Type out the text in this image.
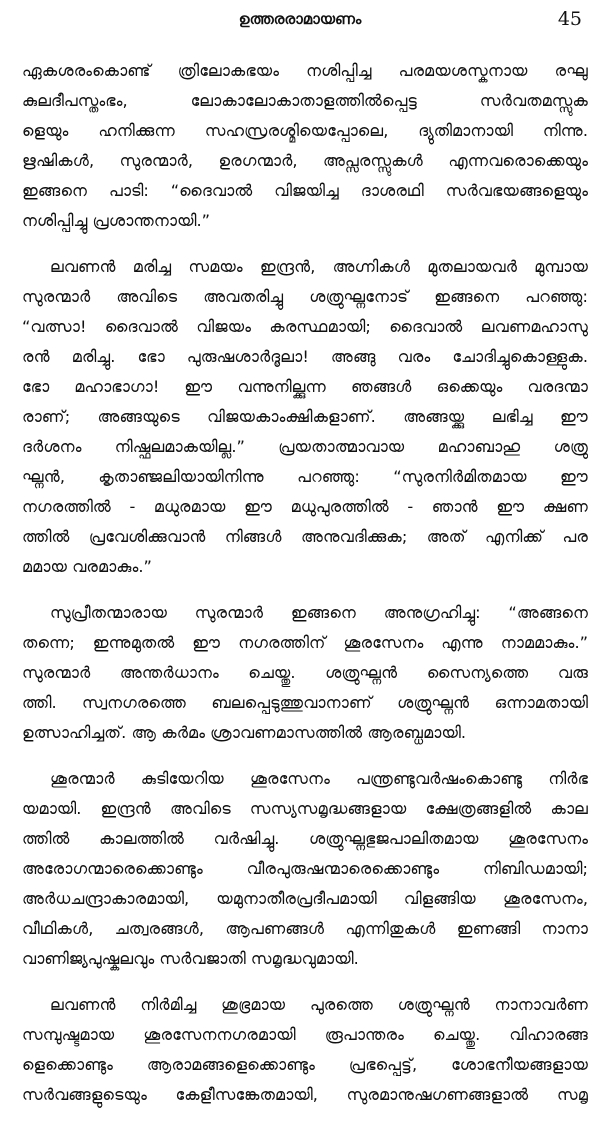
ഉത്തരരാമായണം	45
ഏകശരംകൊണ്ട് ത്രിലോകഭയം നശിപ്പിച്ച പരമയശസ്കനായ രഘു
കുലദീപസ്തംഭം, ലോകാലോകാതാളത്തിൽപ്പെട്ട സർവതമസ്സുക
ളെയും ഹനിക്കുന്ന സഹസ്രരശ്മിയെപ്പോലെ, ദ്യുതിമാനായി നിന്നു.
ഋഷികൾ, സുരന്മാർ, ഉരഗന്മാർ, അപ്സരസ്സുകൾ എന്നവരൊക്കെയും
ഇങ്ങനെ പാടി: “ദൈവാൽ വിജയിച്ച ദാശരഥി സർവഭയങ്ങളെയും
നശിപ്പിച്ചു പ്രശാന്തനായി.”
ലവണൻ മരിച്ച സമയം ഇന്ദ്രൻ, അഗ്നികൾ മുതലായവർ മുമ്പായ
സുരന്മാർ അവിടെ അവതരിച്ചു ശത്രുഘ്നനോട് ഇങ്ങനെ പറഞ്ഞു:
“വത്സാ! ദൈവാൽ വിജയം കരസ്ഥമായി; ദൈവാൽ ലവണമഹാസു
രൻ മരിച്ചു. ഭോ പുരുഷശാർദൂലാ! അങ്ങു വരം ചോദിച്ചുകൊള്ളുക.
ഭോ മഹാഭാഗാ! ഈ വന്നുനില്ക്കുന്ന ഞങ്ങൾ ഒക്കെയും വരദന്മാ
രാണ്; അങ്ങയുടെ വിജയകാംക്ഷികളാണ്. അങ്ങയ്ക്കു ലഭിച്ച ഈ
ദർശനം നിഷ്ഫലമാകയില്ല.” പ്രയതാത്മാവായ മഹാബാഹു ശത്രു
ഘ്നൻ, കൃതാഞ്ജലിയായിനിന്നു പറഞ്ഞു: “സുരനിർമിതമായ ഈ
നഗരത്തിൽ - മധുരമായ ഈ മധുപുരത്തിൽ - ഞാൻ ഈ ക്ഷണ
ത്തിൽ പ്രവേശിക്കുവാൻ നിങ്ങൾ അനുവദിക്കുക; അത് എനിക്ക് പര
മമായ വരമാകും.”
സുപ്രീതന്മാരായ സുരന്മാർ ഇങ്ങനെ അനുഗ്രഹിച്ചു: “അങ്ങനെ
തന്നെ; ഇന്നുമുതൽ ഈ നഗരത്തിന് ശൂരസേനം എന്നു നാമമാകും.”
സുരന്മാർ അന്തർധാനം ചെയ്തു. ശത്രുഘ്നൻ സൈന്യത്തെ വരു
ത്തി. സ്വനഗരത്തെ ബലപ്പെടുത്തുവാനാണ് ശത്രുഘ്നൻ ഒന്നാമതായി
ഉത്സാഹിച്ചത്. ആ കർമം ശ്രാവണമാസത്തിൽ ആരബ്ധമായി.
ശൂരന്മാർ കുടിയേറിയ ശൂരസേനം പന്ത്രണ്ടുവർഷംകൊണ്ടു നിർഭ
യമായി. ഇന്ദ്രൻ അവിടെ സസ്യസമൃദ്ധങ്ങളായ ക്ഷേത്രങ്ങളിൽ കാല
ത്തിൽ കാലത്തിൽ വർഷിച്ചു. ശത്രുഘ്നഭുജപാലിതമായ ശൂരസേനം
അരോഗന്മാരെക്കൊണ്ടും വീരപുരുഷന്മാരെക്കൊണ്ടും നിബിഡമായി;
അർധചന്ദ്രാകാരമായി, യമുനാതീരപ്രദീപമായി വിളങ്ങിയ ശൂരസേനം,
വീഥികൾ, ചത്വരങ്ങൾ, ആപണങ്ങൾ എന്നിതുകൾ ഇണങ്ങി നാനാ
വാണിജ്യപുഷ്കലവും സർവജാതി സമൃദ്ധവുമായി.
ലവണൻ നിർമിച്ച ശുഭ്രമായ പുരത്തെ ശത്രുഘ്നൻ നാനാവർണ
സമ്പുഷ്ടമായ ശൂരസേനനഗരമായി രൂപാന്തരം ചെയ്തു. വിഹാരങ്ങ
ളെക്കൊണ്ടും ആരാമങ്ങളെക്കൊണ്ടും പ്രഭപ്പെട്ട്, ശോഭനീയങ്ങളായ
സർവങ്ങളുടെയും കേളീസങ്കേതമായി, സുരമാനുഷഗണങ്ങളാൽ സമൃ
